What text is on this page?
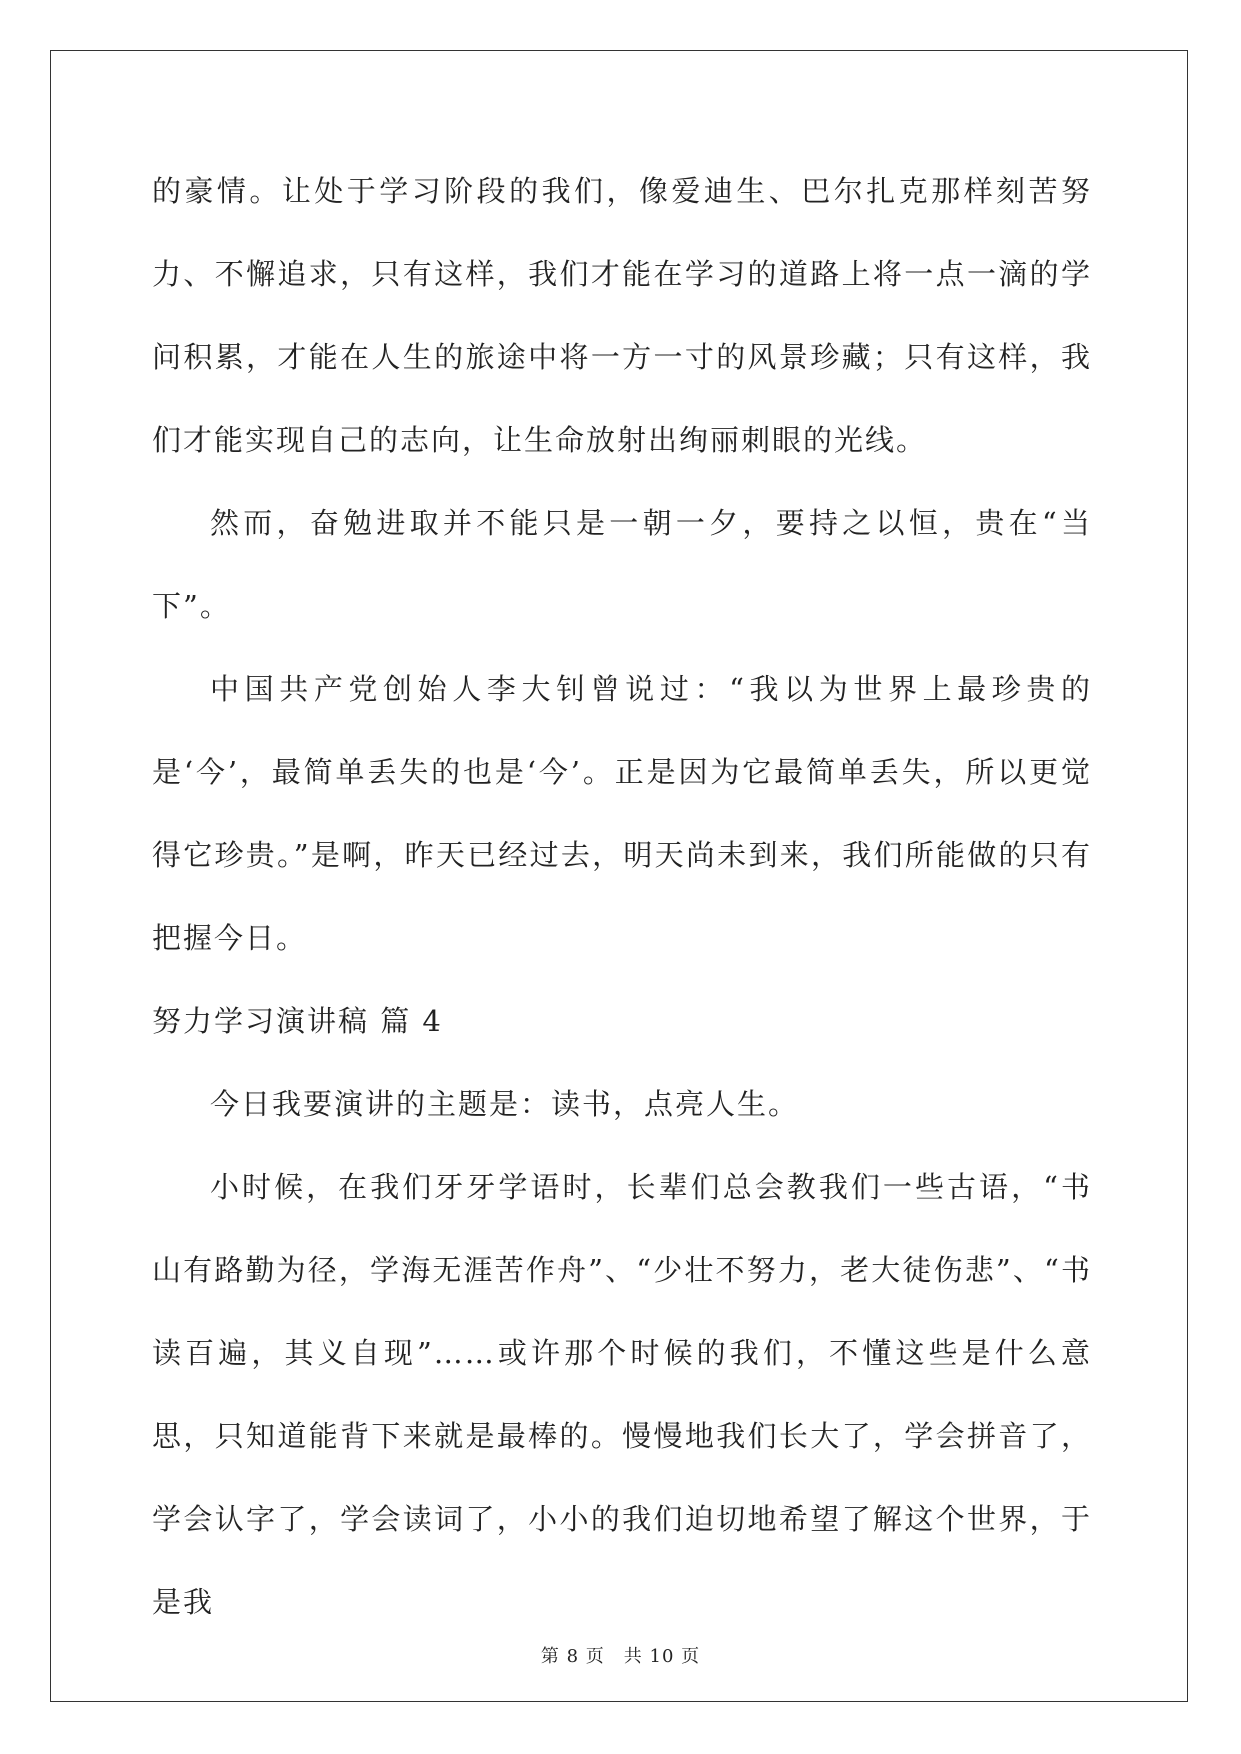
的豪情。让处于学习阶段的我们，像爱迪生、巴尔扎克那样刻苦努力、不懈追求，只有这样，我们才能在学习的道路上将一点一滴的学问积累，才能在人生的旅途中将一方一寸的风景珍藏；只有这样，我们才能实现自己的志向，让生命放射出绚丽刺眼的光线。

然而，奋勉进取并不能只是一朝一夕，要持之以恒，贵在“当下”。

中国共产党创始人李大钊曾说过：“我以为世界上最珍贵的是‘今’，最简单丢失的也是‘今’。正是因为它最简单丢失，所以更觉得它珍贵。”是啊，昨天已经过去，明天尚未到来，我们所能做的只有把握今日。

努力学习演讲稿 篇 4

今日我要演讲的主题是：读书，点亮人生。

小时候，在我们牙牙学语时，长辈们总会教我们一些古语，“书山有路勤为径，学海无涯苦作舟”、“少壮不努力，老大徒伤悲”、“书读百遍，其义自现”……或许那个时候的我们，不懂这些是什么意思，只知道能背下来就是最棒的。慢慢地我们长大了，学会拼音了，学会认字了，学会读词了，小小的我们迫切地希望了解这个世界，于是我

第 8 页　共 10 页
